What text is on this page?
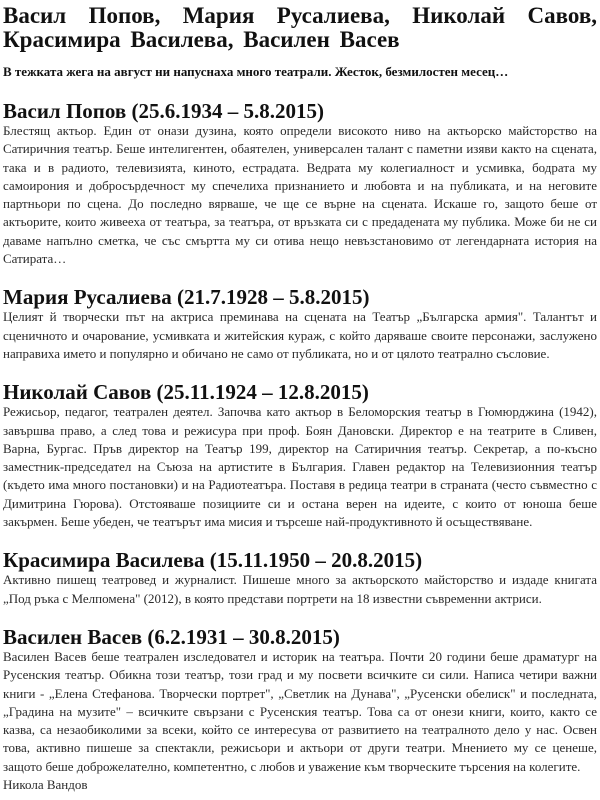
Васил Попов, Мария Русалиева, Николай Савов, Красимира Василева, Василен Васев

В тежката жега на август ни напуснаха много театрали. Жесток, безмилостен месец…

Васил Попов (25.6.1934 – 5.8.2015)

Блестящ актьор. Един от онази дузина, която определи високото ниво на актьорско майсторство на Сатиричния театър. Беше интелигентен, обаятелен, универсален талант с паметни изяви както на сцената, така и в радиото, телевизията, киното, естрадата. Ведрата му колегиалност и усмивка, бодрата му самоирония и добросърдечност му спечелиха признанието и любовта и на публиката, и на неговите партньори по сцена. До последно вярваше, че ще се върне на сцената. Искаше го, защото беше от актьорите, които живееха от театъра, за театъра, от връзката си с предадената му публика. Може би не си даваме напълно сметка, че със смъртта му си отива нещо невъзстановимо от легендарната история на Сатирата…

Мария Русалиева (21.7.1928 – 5.8.2015)

Целият й творчески път на актриса преминава на сцената на Театър „Българска армия". Талантът и сценичното и очарование, усмивката и житейския кураж, с който даряваше своите персонажи, заслужено направиха името и популярно и обичано не само от публиката, но и от цялото театрално съсловие.

Николай Савов (25.11.1924 – 12.8.2015)

Режисьор, педагог, театрален деятел. Започва като актьор в Беломорския театър в Гюмюрджина (1942), завършва право, а след това и режисура при проф. Боян Дановски. Директор е на театрите в Сливен, Варна, Бургас. Пръв директор на Театър 199, директор на Сатиричния театър. Секретар, а по-късно заместник-председател на Съюза на артистите в България. Главен редактор на Телевизионния театър (където има много постановки) и на Радиотеатъра. Поставя в редица театри в страната (често съвместно с Димитрина Гюрова). Отстояваше позициите си и остана верен на идеите, с които от юноша беше закърмен. Беше убеден, че театърът има мисия и търсеше най-продуктивното й осъществяване.

Красимира Василева (15.11.1950 – 20.8.2015)

Активно пишещ театровед и журналист. Пишеше много за актьорското майсторство и издаде книгата „Под ръка с Мелпомена" (2012), в която представи портрети на 18 известни съвременни актриси.

Василен Васев (6.2.1931 – 30.8.2015)

Василен Васев беше театрален изследовател и историк на театъра. Почти 20 години беше драматург на Русенския театър. Обикна този театър, този град и му посвети всичките си сили. Написа четири важни книги - „Елена Стефанова. Творчески портрет", „Светлик на Дунава", „Русенски обелиск" и последната, „Градина на музите" – всичките свързани с Русенския театър. Това са от онези книги, които, както се казва, са незаобиколими за всеки, който се интересува от развитието на театралното дело у нас. Освен това, активно пишеше за спектакли, режисьори и актьори от други театри. Мнението му се ценеше, защото беше доброжелателно, компетентно, с любов и уважение към творческите търсения на колегите.

Никола Вандов
